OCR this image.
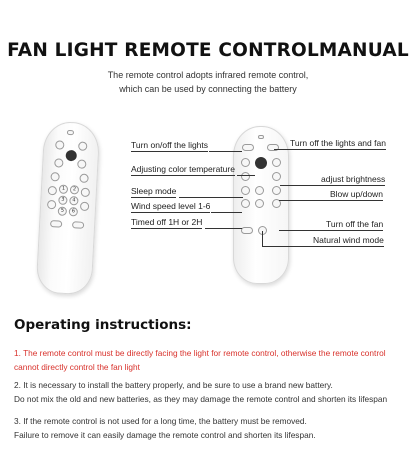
FAN LIGHT REMOTE CONTROLMANUAL
The remote control adopts infrared remote control,
which can be used by connecting the battery
1	2
3	4
5	6
Turn on/off the lights
Adjusting color temperature
Sleep mode
Wind speed level 1-6
Timed off 1H or 2H
Turn off the lights and fan
adjust brightness
Blow up/down
Turn off the fan
Natural wind mode
Operating instructions:
1. The remote control must be directly facing the light for remote control, otherwise the remote control
cannot directly control the fan light
2. It is necessary to install the battery properly, and be sure to use a brand new battery.
Do not mix the old and new batteries, as they may damage the remote control and shorten its lifespan
3. If the remote control is not used for a long time, the battery must be removed.
Failure to remove it can easily damage the remote control and shorten its lifespan.
